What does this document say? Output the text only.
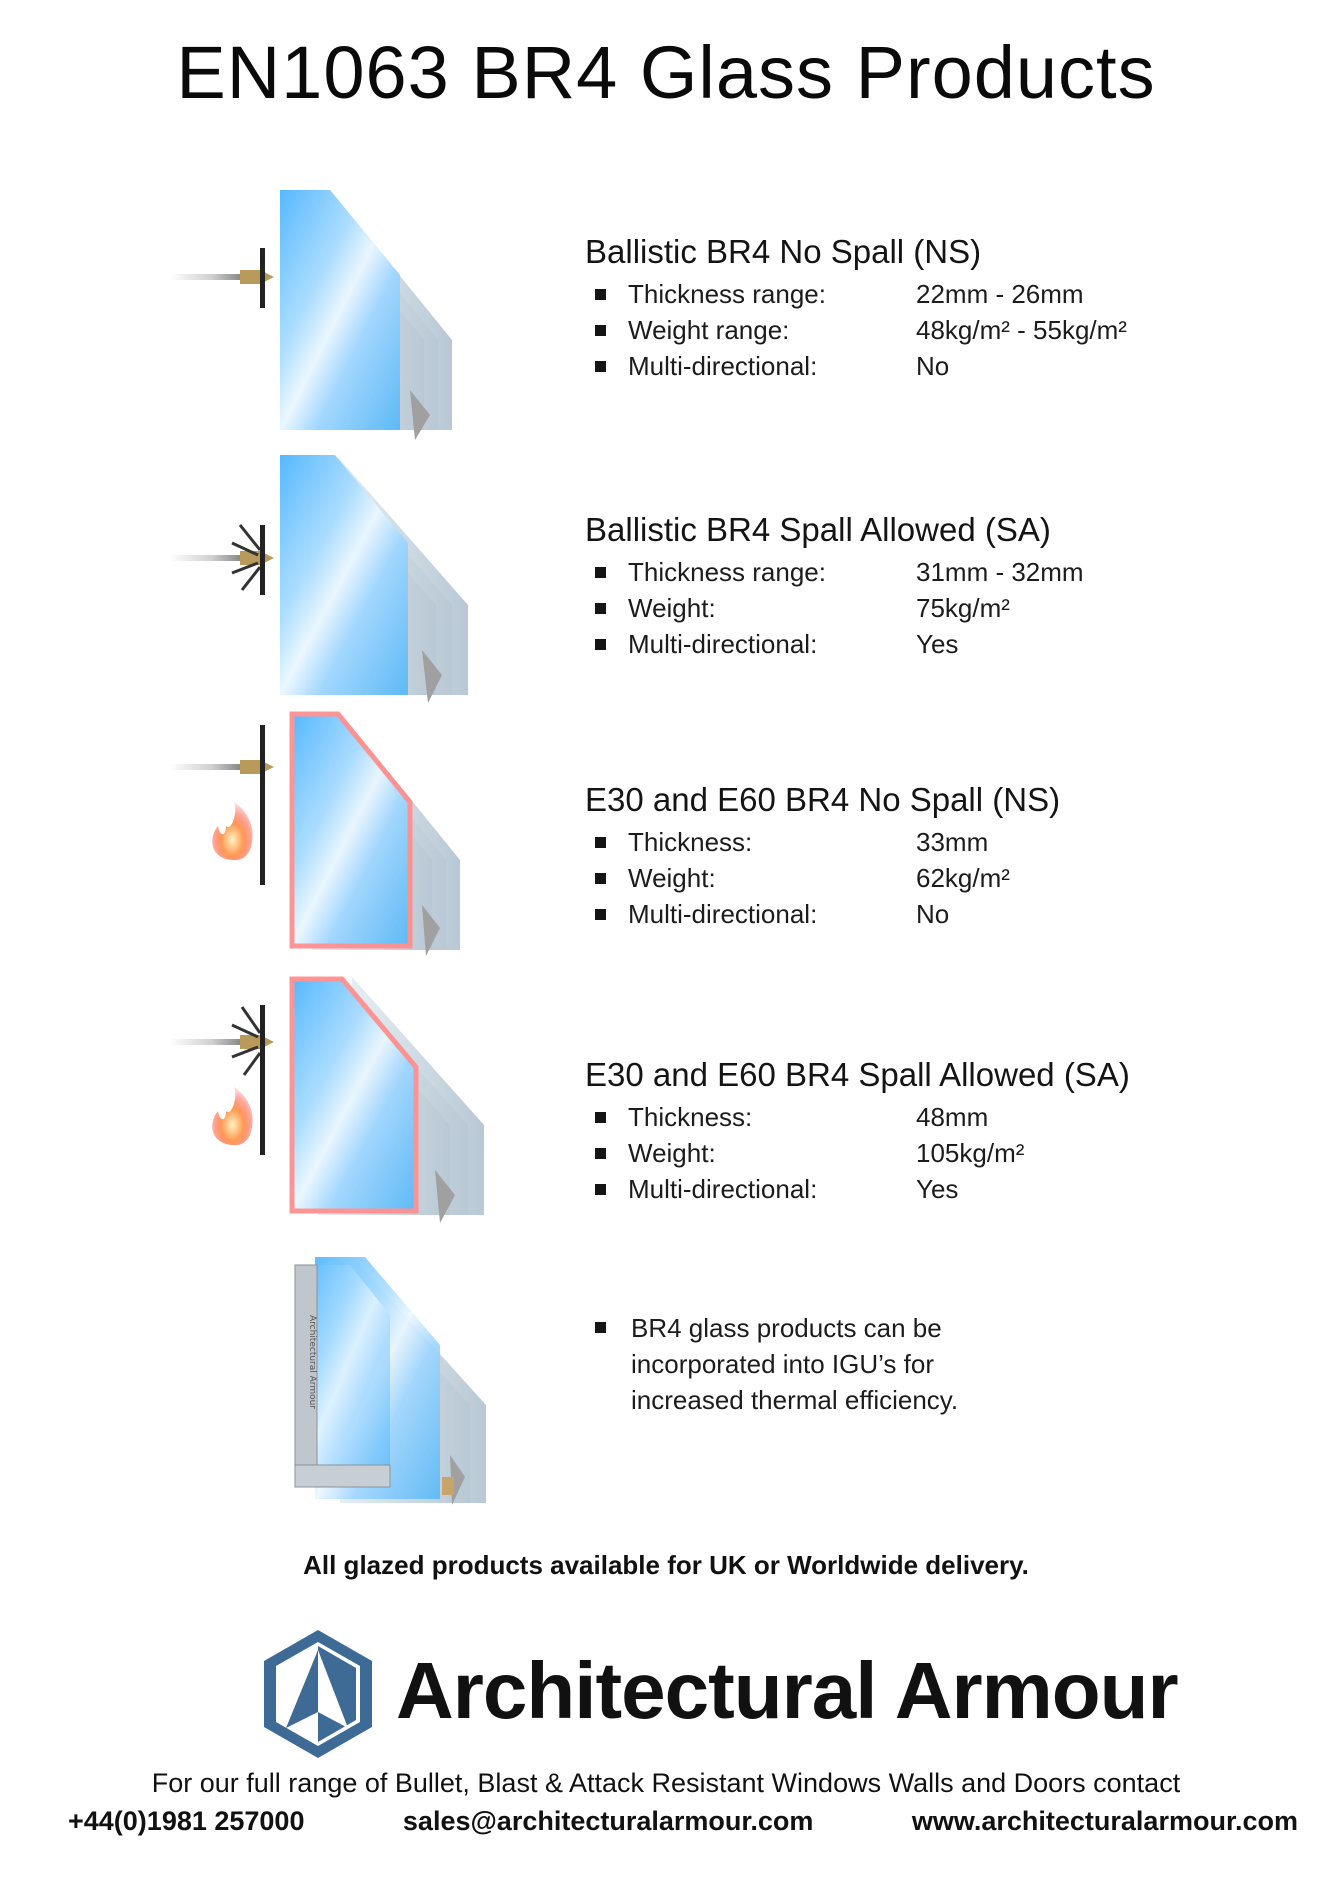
EN1063 BR4 Glass Products
Ballistic BR4 No Spall (NS)
Thickness range:	22mm - 26mm
Weight range:	48kg/m² - 55kg/m²
Multi-directional:	No
Ballistic BR4 Spall Allowed (SA)
Thickness range:	31mm - 32mm
Weight:	75kg/m²
Multi-directional:	Yes
E30 and E60 BR4 No Spall (NS)
Thickness:	33mm
Weight:	62kg/m²
Multi-directional:	No
E30 and E60 BR4 Spall Allowed (SA)
Thickness:	48mm
Weight:	105kg/m²
Multi-directional:	Yes
Architectural Armour	BR4 glass products can be
incorporated into IGU’s for
increased thermal efficiency.
All glazed products available for UK or Worldwide delivery.
Architectural Armour
For our full range of Bullet, Blast & Attack Resistant Windows Walls and Doors contact
+44(0)1981 257000	sales@architecturalarmour.com	www.architecturalarmour.com
